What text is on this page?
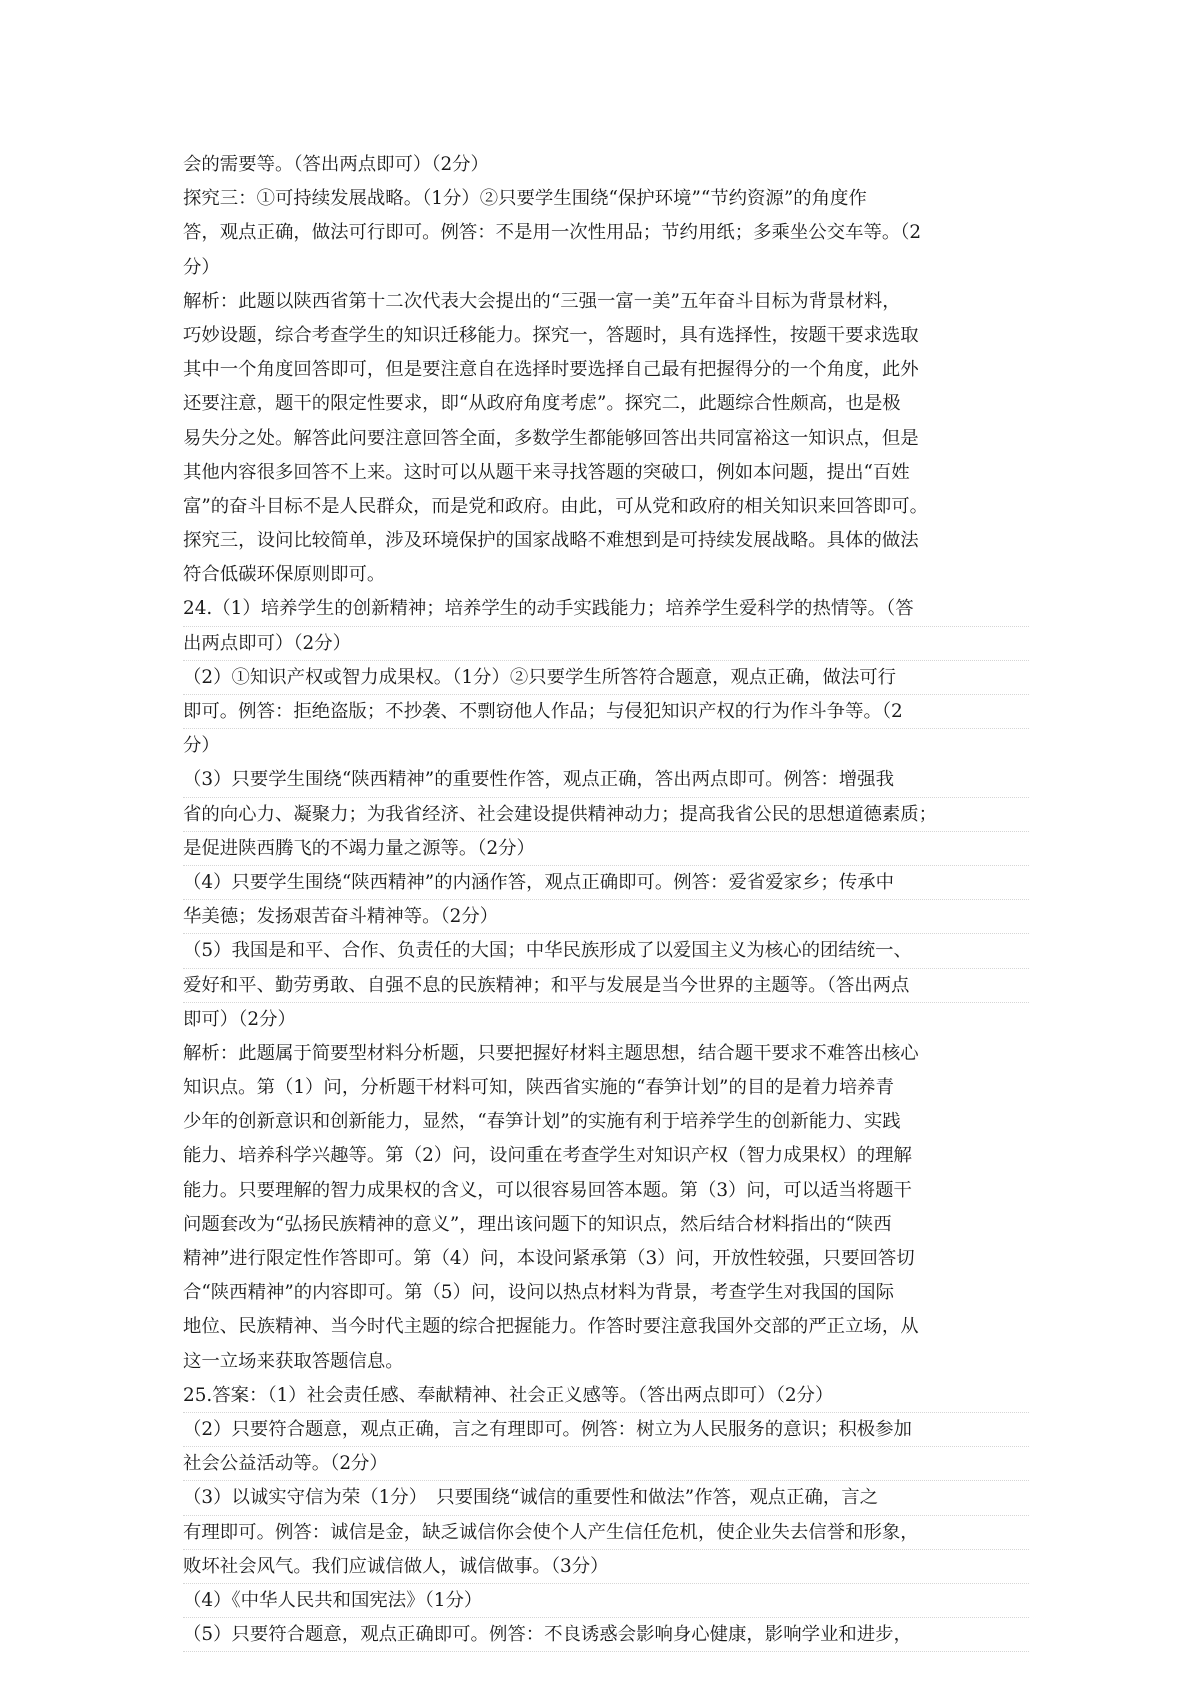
会的需要等。（答出两点即可）（2分）
探究三：①可持续发展战略。（1分）②只要学生围绕“保护环境”“节约资源”的角度作
答，观点正确，做法可行即可。例答：不是用一次性用品；节约用纸；多乘坐公交车等。（2
分）
解析：此题以陕西省第十二次代表大会提出的“三强一富一美”五年奋斗目标为背景材料，
巧妙设题，综合考查学生的知识迁移能力。探究一，答题时，具有选择性，按题干要求选取
其中一个角度回答即可，但是要注意自在选择时要选择自己最有把握得分的一个角度，此外
还要注意，题干的限定性要求，即“从政府角度考虑”。探究二，此题综合性颇高，也是极
易失分之处。解答此问要注意回答全面，多数学生都能够回答出共同富裕这一知识点，但是
其他内容很多回答不上来。这时可以从题干来寻找答题的突破口，例如本问题，提出“百姓
富”的奋斗目标不是人民群众，而是党和政府。由此，可从党和政府的相关知识来回答即可。
探究三，设问比较简单，涉及环境保护的国家战略不难想到是可持续发展战略。具体的做法
符合低碳环保原则即可。
24.（1）培养学生的创新精神；培养学生的动手实践能力；培养学生爱科学的热情等。（答
出两点即可）（2分）
（2）①知识产权或智力成果权。（1分）②只要学生所答符合题意，观点正确，做法可行
即可。例答：拒绝盗版；不抄袭、不剽窃他人作品；与侵犯知识产权的行为作斗争等。（2
分）
（3）只要学生围绕“陕西精神”的重要性作答，观点正确，答出两点即可。例答：增强我
省的向心力、凝聚力；为我省经济、社会建设提供精神动力；提高我省公民的思想道德素质；
是促进陕西腾飞的不竭力量之源等。（2分）
（4）只要学生围绕“陕西精神”的内涵作答，观点正确即可。例答：爱省爱家乡；传承中
华美德；发扬艰苦奋斗精神等。（2分）
（5）我国是和平、合作、负责任的大国；中华民族形成了以爱国主义为核心的团结统一、
爱好和平、勤劳勇敢、自强不息的民族精神；和平与发展是当今世界的主题等。（答出两点
即可）（2分）
解析：此题属于简要型材料分析题，只要把握好材料主题思想，结合题干要求不难答出核心
知识点。第（1）问，分析题干材料可知，陕西省实施的“春笋计划”的目的是着力培养青
少年的创新意识和创新能力，显然，“春笋计划”的实施有利于培养学生的创新能力、实践
能力、培养科学兴趣等。第（2）问，设问重在考查学生对知识产权（智力成果权）的理解
能力。只要理解的智力成果权的含义，可以很容易回答本题。第（3）问，可以适当将题干
问题套改为“弘扬民族精神的意义”，理出该问题下的知识点，然后结合材料指出的“陕西
精神”进行限定性作答即可。第（4）问，本设问紧承第（3）问，开放性较强，只要回答切
合“陕西精神”的内容即可。第（5）问，设问以热点材料为背景，考查学生对我国的国际
地位、民族精神、当今时代主题的综合把握能力。作答时要注意我国外交部的严正立场，从
这一立场来获取答题信息。
25.答案：（1）社会责任感、奉献精神、社会正义感等。（答出两点即可）（2分）
（2）只要符合题意，观点正确，言之有理即可。例答：树立为人民服务的意识；积极参加
社会公益活动等。（2分）
（3）以诚实守信为荣（1分）　只要围绕“诚信的重要性和做法”作答，观点正确，言之
有理即可。例答：诚信是金，缺乏诚信你会使个人产生信任危机，使企业失去信誉和形象，
败坏社会风气。我们应诚信做人，诚信做事。（3分）
（4）《中华人民共和国宪法》（1分）
（5）只要符合题意，观点正确即可。例答：不良诱惑会影响身心健康，影响学业和进步，
